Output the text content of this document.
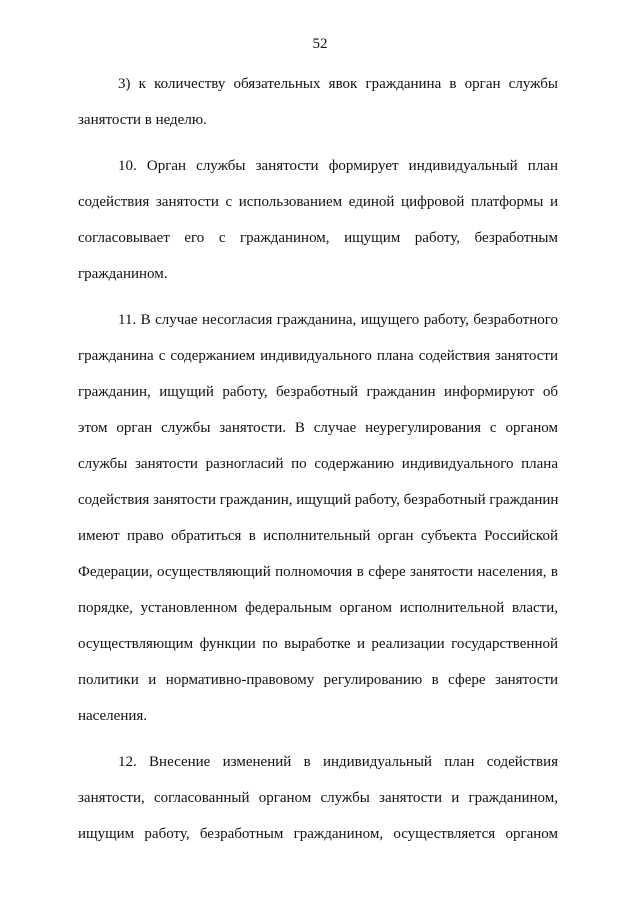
52
3) к количеству обязательных явок гражданина в орган службы
занятости в неделю.
10. Орган службы занятости формирует индивидуальный план
содействия занятости с использованием единой цифровой платформы и
согласовывает его с гражданином, ищущим работу, безработным
гражданином.
11. В случае несогласия гражданина, ищущего работу, безработного
гражданина с содержанием индивидуального плана содействия занятости
гражданин, ищущий работу, безработный гражданин информируют об
этом орган службы занятости. В случае неурегулирования с органом
службы занятости разногласий по содержанию индивидуального плана
содействия занятости гражданин, ищущий работу, безработный гражданин
имеют право обратиться в исполнительный орган субъекта Российской
Федерации, осуществляющий полномочия в сфере занятости населения, в
порядке, установленном федеральным органом исполнительной власти,
осуществляющим функции по выработке и реализации государственной
политики и нормативно-правовому регулированию в сфере занятости
населения.
12. Внесение изменений в индивидуальный план содействия
занятости, согласованный органом службы занятости и гражданином,
ищущим работу, безработным гражданином, осуществляется органом
